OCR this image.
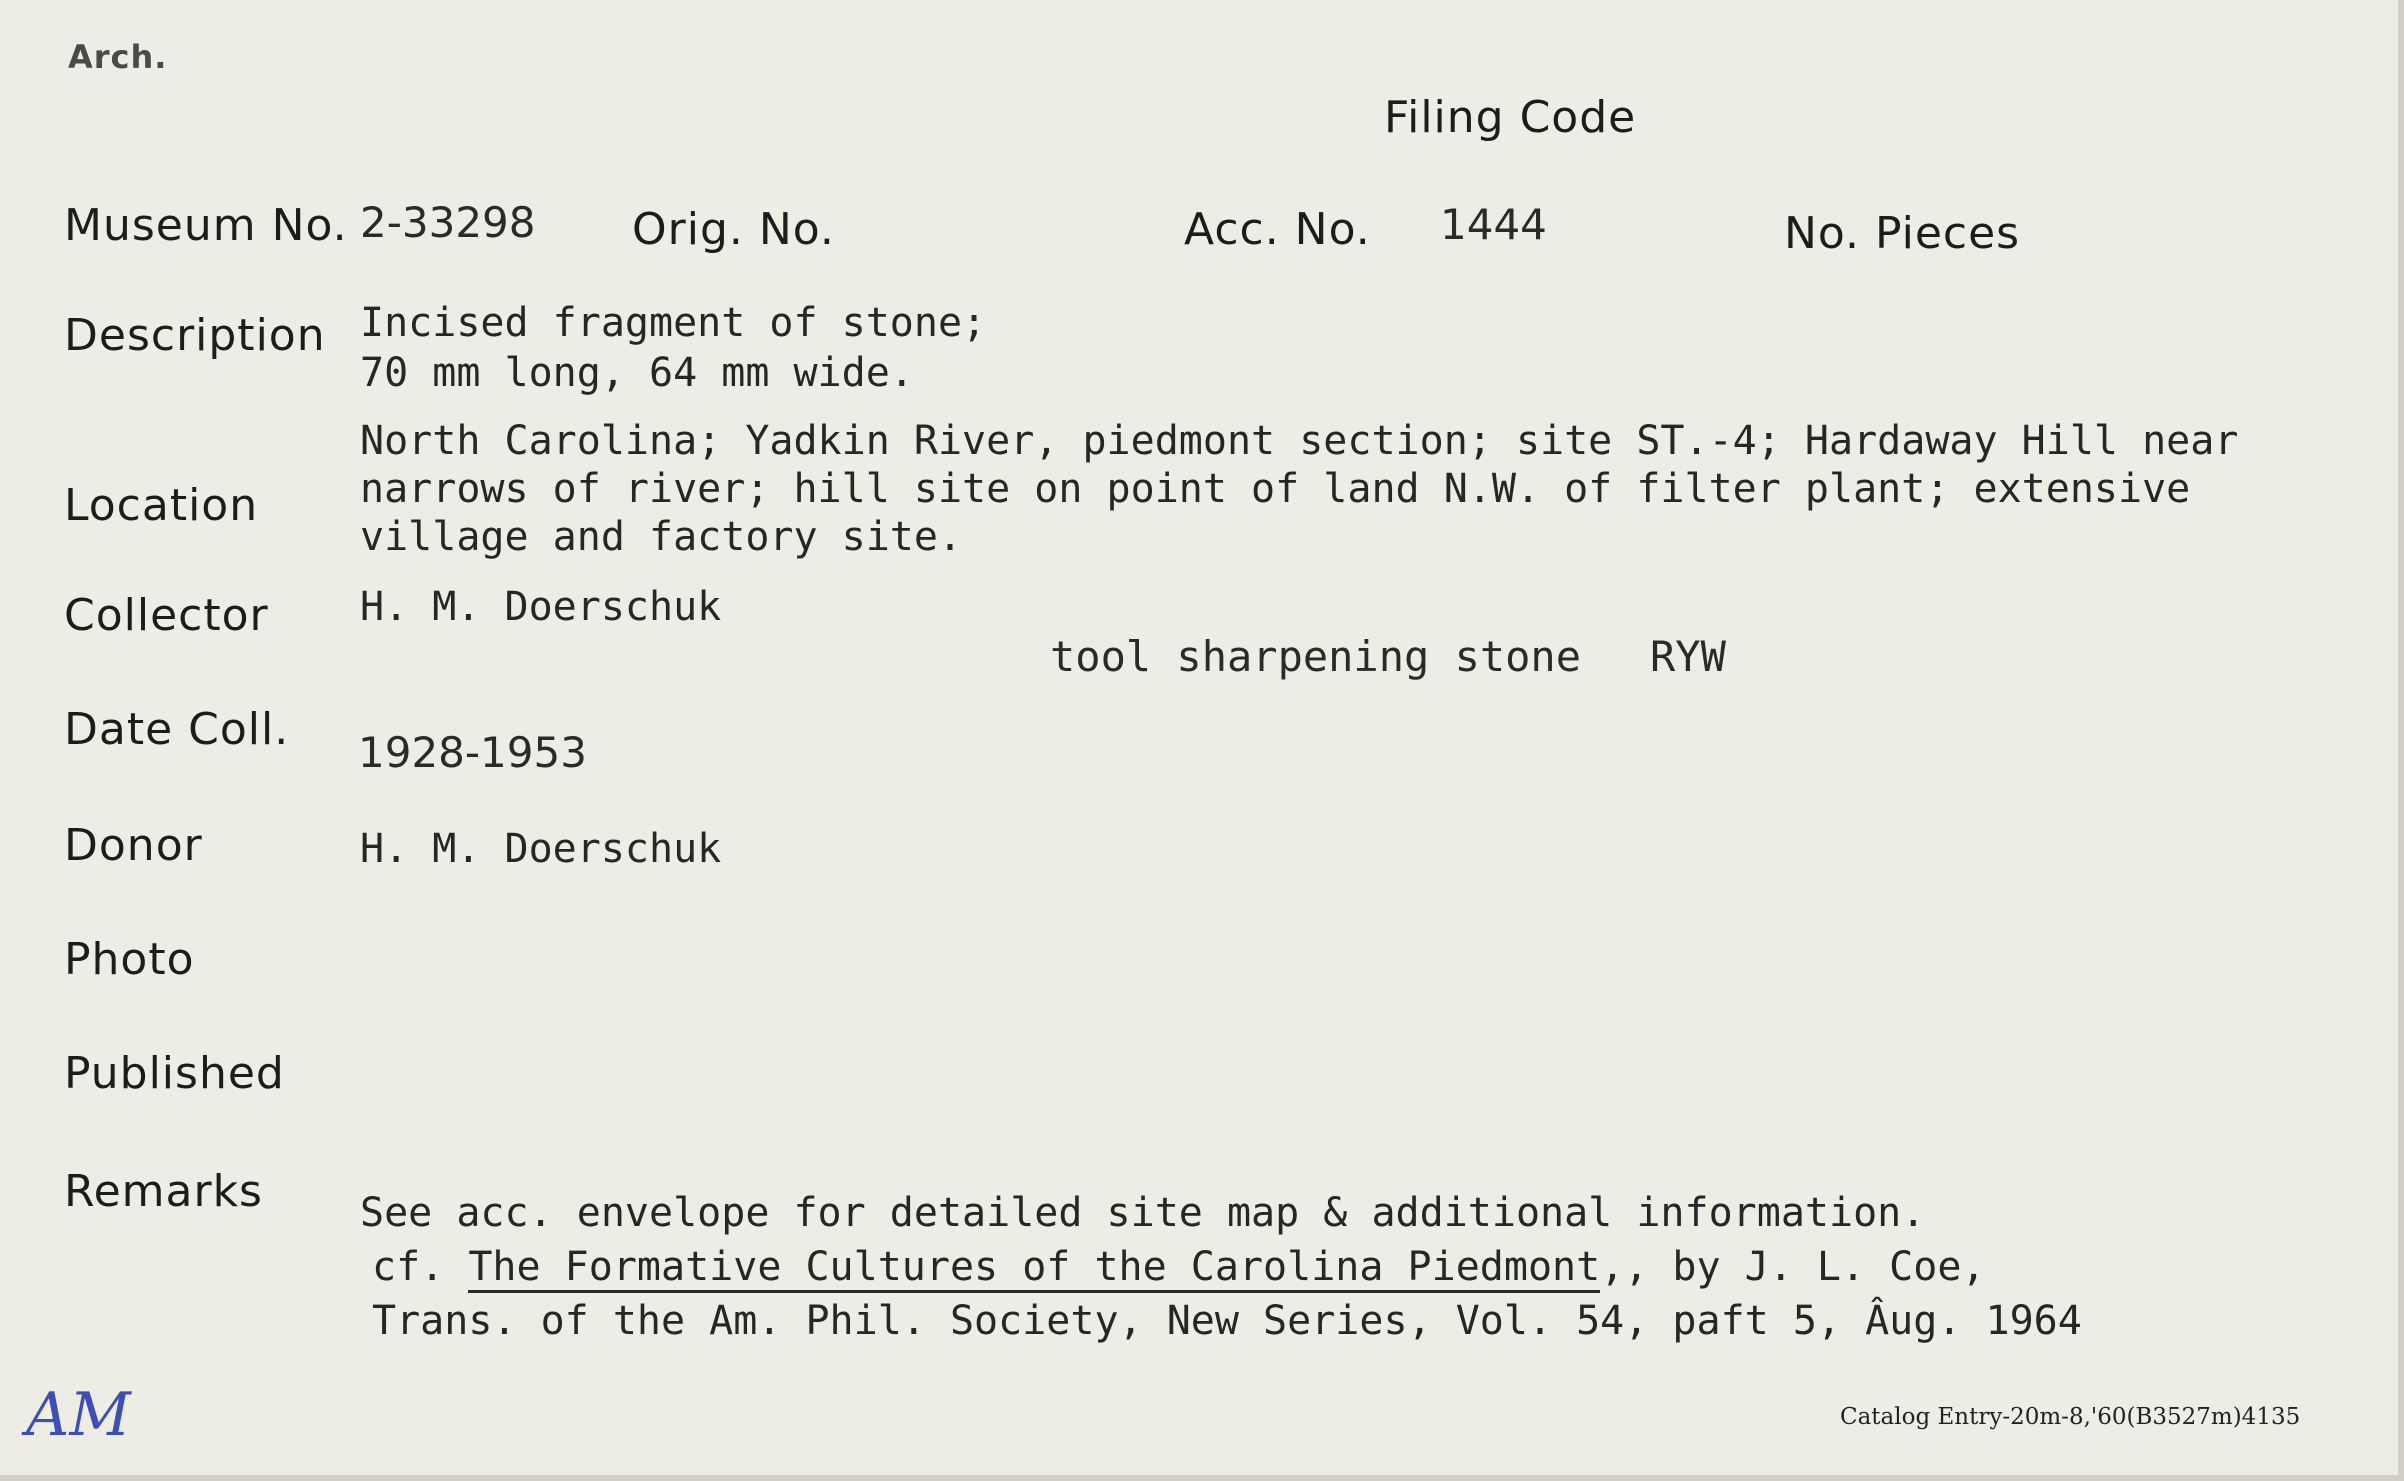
Arch.
Filing Code
Museum No. 2-33298 Orig. No.	Acc. No. 1444	No. Pieces
Description Incised fragment of stone;
70 mm long, 64 mm wide.
North Carolina; Yadkin River, piedmont section; site ST.-4; Hardaway Hill near
Location	narrows of river; hill site on point of land N.W. of filter plant; extensive
village and factory site.
Collector H. M. Doerschuk
tool sharpening stone RYW
Date Coll. 1928-1953
Donor	H. M. Doerschuk
Photo
Published
Remarks See acc. envelope for detailed site map & additional information.
cf. The Formative Cultures of the Carolina Piedmont,, by J. L. Coe,
Trans. of the Am. Phil. Society, New Series, Vol. 54, paft 5, Âug. 1964
AM	Catalog Entry-20m-8,'60(B3527m)4135
